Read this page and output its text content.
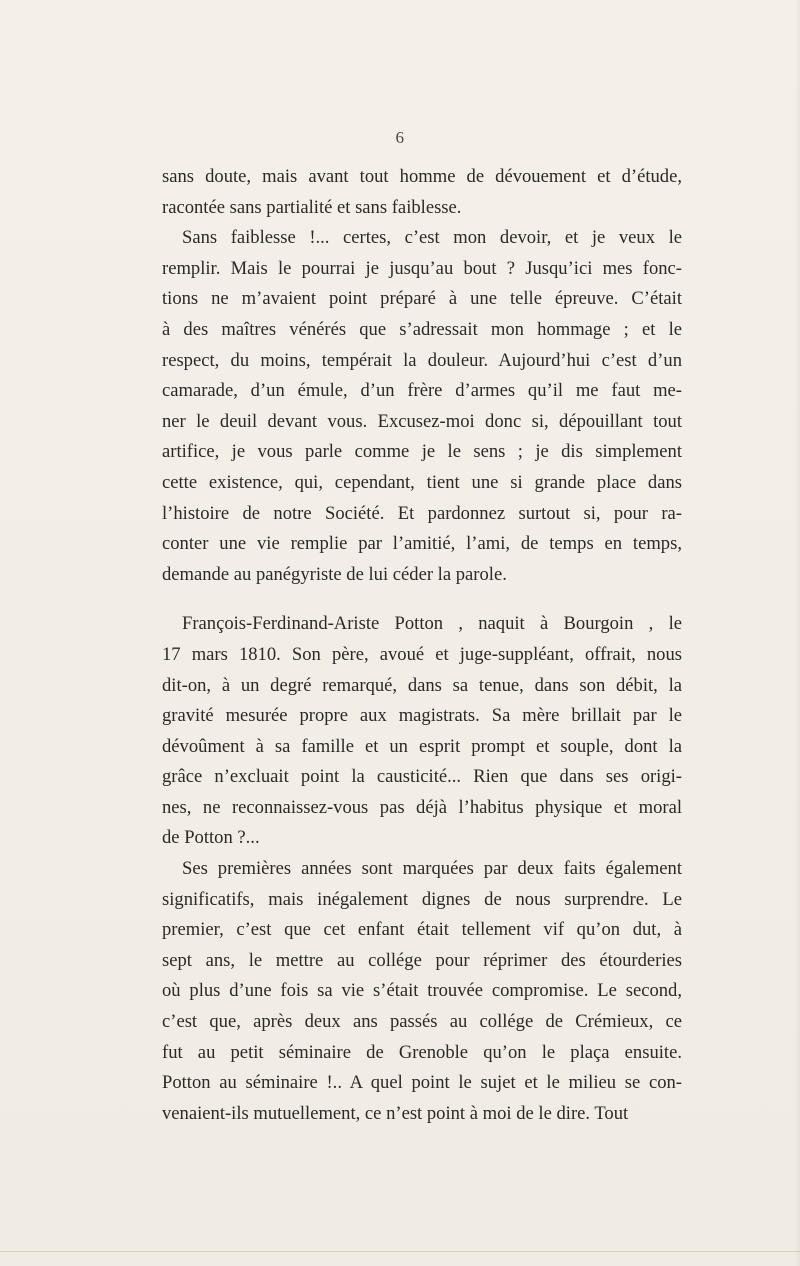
6

sans doute, mais avant tout homme de dévouement et d’étude,
racontée sans partialité et sans faiblesse.

Sans faiblesse !... certes, c’est mon devoir, et je veux le
remplir. Mais le pourrai je jusqu’au bout ? Jusqu’ici mes fonc-
tions ne m’avaient point préparé à une telle épreuve. C’était
à des maîtres vénérés que s’adressait mon hommage ; et le
respect, du moins, tempérait la douleur. Aujourd’hui c’est d’un
camarade, d’un émule, d’un frère d’armes qu’il me faut me-
ner le deuil devant vous. Excusez-moi donc si, dépouillant tout
artifice, je vous parle comme je le sens ; je dis simplement
cette existence, qui, cependant, tient une si grande place dans
l’histoire de notre Société. Et pardonnez surtout si, pour ra-
conter une vie remplie par l’amitié, l’ami, de temps en temps,
demande au panégyriste de lui céder la parole.

François-Ferdinand-Ariste Potton , naquit à Bourgoin , le
17 mars 1810. Son père, avoué et juge-suppléant, offrait, nous
dit-on, à un degré remarqué, dans sa tenue, dans son débit, la
gravité mesurée propre aux magistrats. Sa mère brillait par le
dévoûment à sa famille et un esprit prompt et souple, dont la
grâce n’excluait point la causticité... Rien que dans ses origi-
nes, ne reconnaissez-vous pas déjà l’habitus physique et moral
de Potton ?...

Ses premières années sont marquées par deux faits également
significatifs, mais inégalement dignes de nous surprendre. Le
premier, c’est que cet enfant était tellement vif qu’on dut, à
sept ans, le mettre au collége pour réprimer des étourderies
où plus d’une fois sa vie s’était trouvée compromise. Le second,
c’est que, après deux ans passés au collége de Crémieux, ce
fut au petit séminaire de Grenoble qu’on le plaça ensuite.
Potton au séminaire !.. A quel point le sujet et le milieu se con-
venaient-ils mutuellement, ce n’est point à moi de le dire. Tout
